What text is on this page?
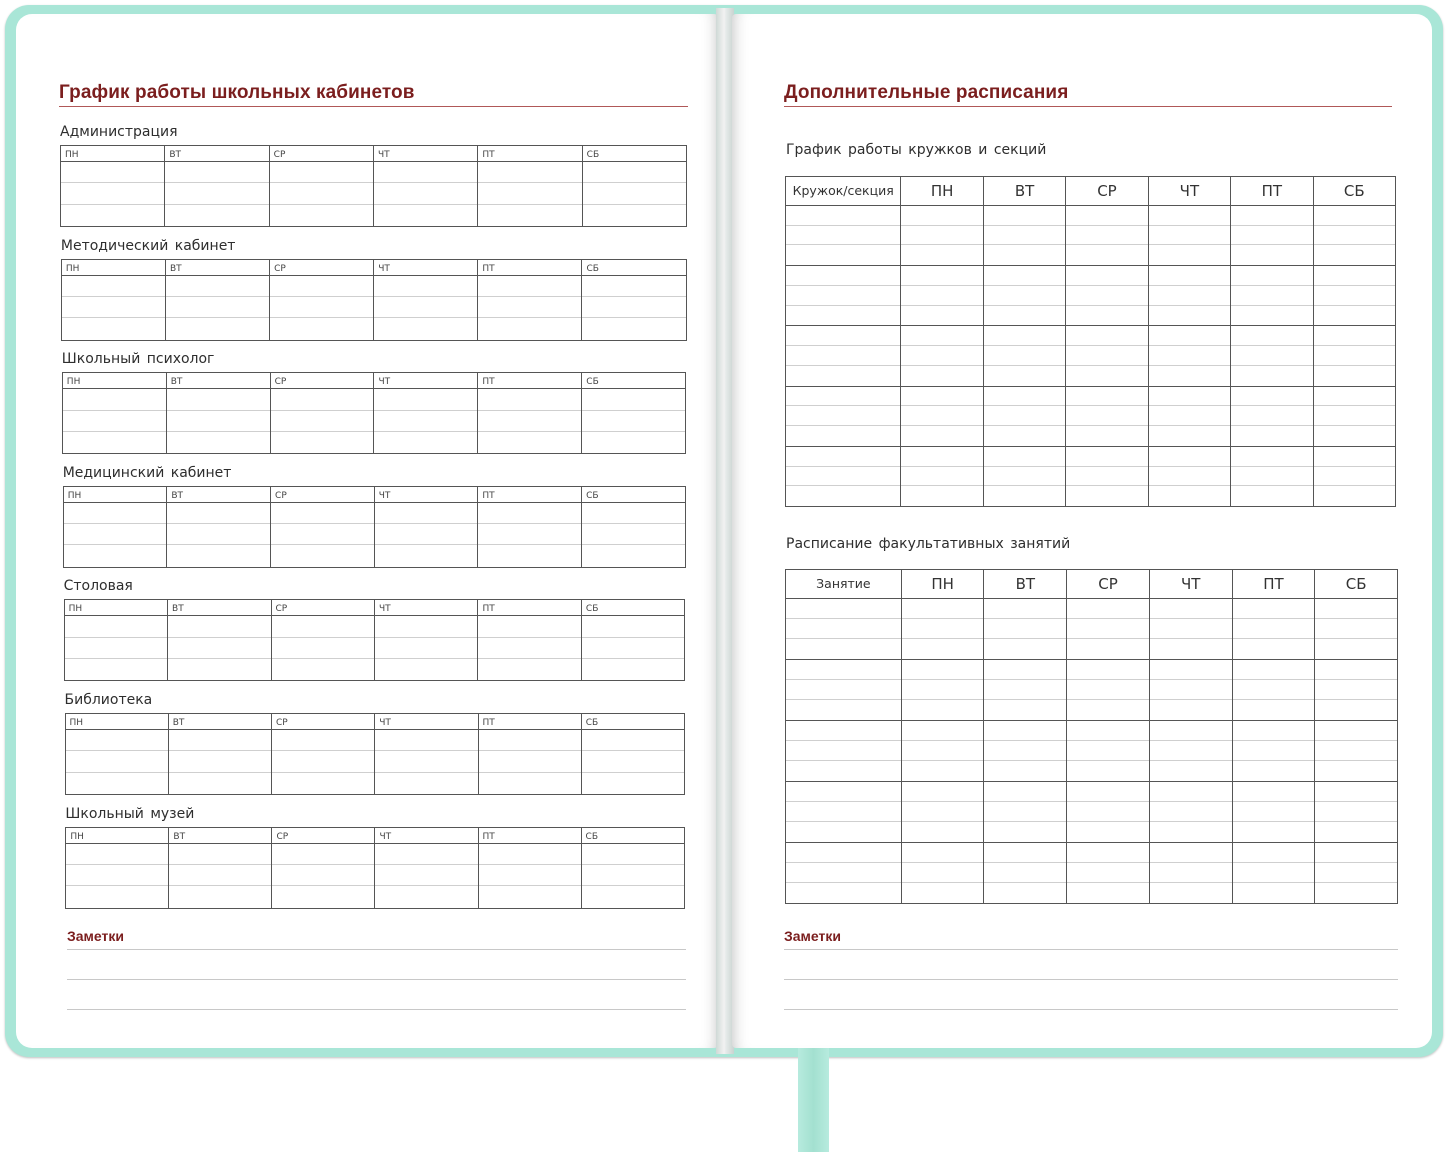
График работы школьных кабинетов
Администрация
ПН	ВТ	СР	ЧТ	ПТ	СБ
Методический кабинет
ПН	ВТ	СР	ЧТ	ПТ	СБ
Школьный психолог
ПН	ВТ	СР	ЧТ	ПТ	СБ
Медицинский кабинет
ПН	ВТ	СР	ЧТ	ПТ	СБ
Столовая
ПН	ВТ	СР	ЧТ	ПТ	СБ
Библиотека
ПН	ВТ	СР	ЧТ	ПТ	СБ
Школьный музей
ПН	ВТ	СР	ЧТ	ПТ	СБ
Заметки
Дополнительные расписания
График работы кружков и секций
Кружок/секция	ПН	ВТ	СР	ЧТ	ПТ	СБ
Расписание факультативных занятий
Занятие	ПН	ВТ	СР	ЧТ	ПТ	СБ
Заметки
